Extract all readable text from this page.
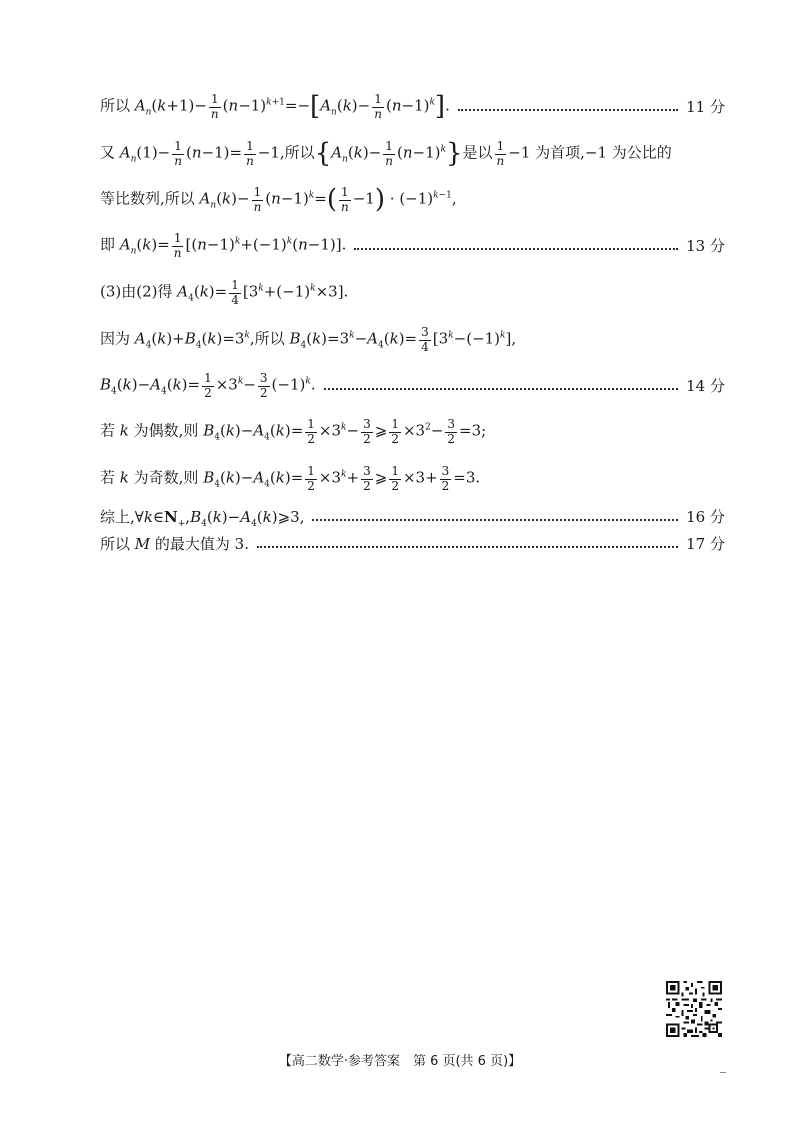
所以 $A_n(k+1)- \frac{1}{n} (n-1)^{k+1}=-[A_n(k)- \frac{1}{n} (n-1)^k]$.	11 分
又 $A_n(1)- \frac{1}{n} (n-1)= \frac{1}{n} -1$,所以$\{A_n(k)- \frac{1}{n} (n-1)^k\}$是以 $\frac{1}{n} -1$ 为首项,−1 为公比的
等比数列,所以 $A_n(k)- \frac{1}{n} (n-1)^k=( \frac{1}{n} -1) \cdot (-1)^{k-1}$,
即 $A_n(k)= \frac{1}{n} [(n-1)^k+(-1)^k(n-1)]$.	13 分
(3)由(2)得 $A_4(k)= \frac{1}{4} [3^k+(-1)^k\times 3]$.
因为 $A_4(k)+B_4(k)=3^k$,所以 $B_4(k)=3^k-A_4(k)= \frac{3}{4} [3^k-(-1)^k]$,
$B_4(k)-A_4(k)= \frac{1}{2} \times 3^k- \frac{3}{2} (-1)^k$.	14 分
若 k 为偶数,则 $B_4(k)-A_4(k)= \frac{1}{2} \times 3^k- \frac{3}{2}$ ⩾ $\frac{1}{2} \times 3^2- \frac{3}{2} =3$;
若 k 为奇数,则 $B_4(k)-A_4(k)= \frac{1}{2} \times 3^k+ \frac{3}{2}$ ⩾ $\frac{1}{2} \times 3+ \frac{3}{2} =3$.
综上$,\forall k\in N_+,B_4(k)-A_4(k)⩾3$,	16 分
所以 M 的最大值为 3.	17 分
【高二数学·参考答案　第 6 页(共 6 页)】
